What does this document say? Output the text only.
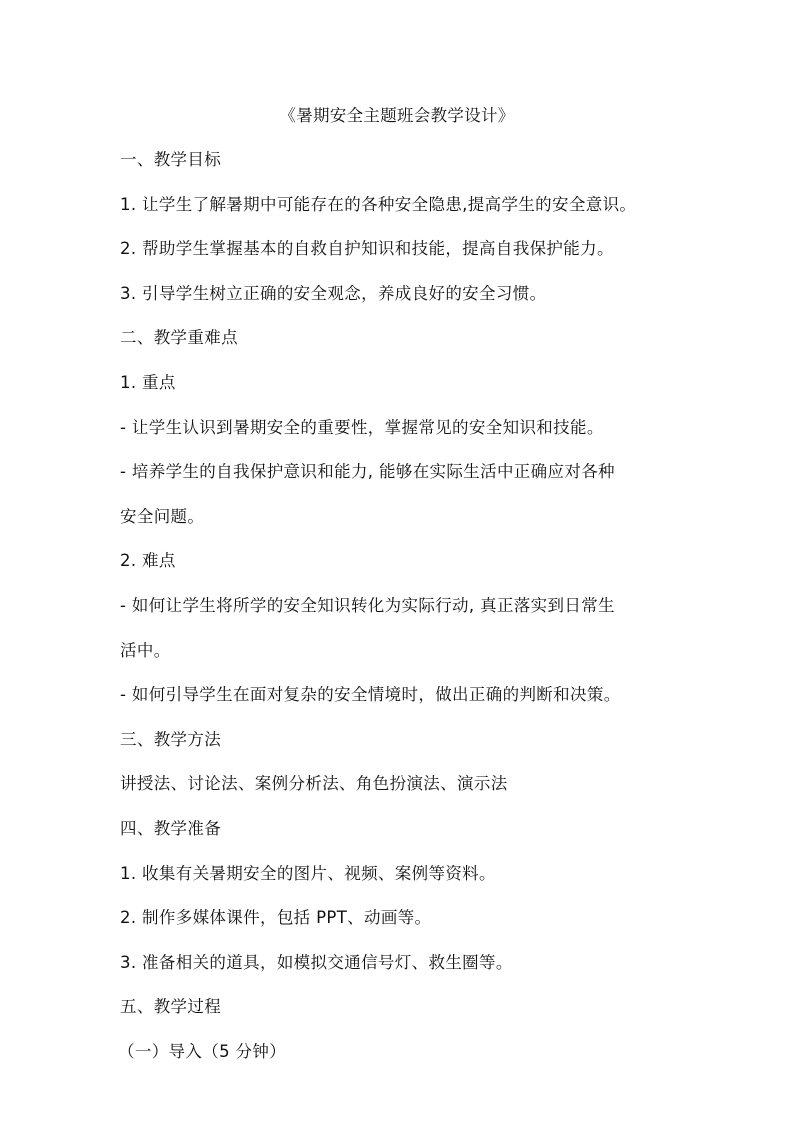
《暑期安全主题班会教学设计》
一、教学目标
1. 让学生了解暑期中可能存在的各种安全隐患,提高学生的安全意识。
2. 帮助学生掌握基本的自救自护知识和技能，提高自我保护能力。
3. 引导学生树立正确的安全观念，养成良好的安全习惯。
二、教学重难点
1. 重点
- 让学生认识到暑期安全的重要性，掌握常见的安全知识和技能。
- 培养学生的自我保护意识和能力, 能够在实际生活中正确应对各种
安全问题。
2. 难点
- 如何让学生将所学的安全知识转化为实际行动, 真正落实到日常生
活中。
- 如何引导学生在面对复杂的安全情境时，做出正确的判断和决策。
三、教学方法
讲授法、讨论法、案例分析法、角色扮演法、演示法
四、教学准备
1. 收集有关暑期安全的图片、视频、案例等资料。
2. 制作多媒体课件，包括 PPT、动画等。
3. 准备相关的道具，如模拟交通信号灯、救生圈等。
五、教学过程
（一）导入（5 分钟）
